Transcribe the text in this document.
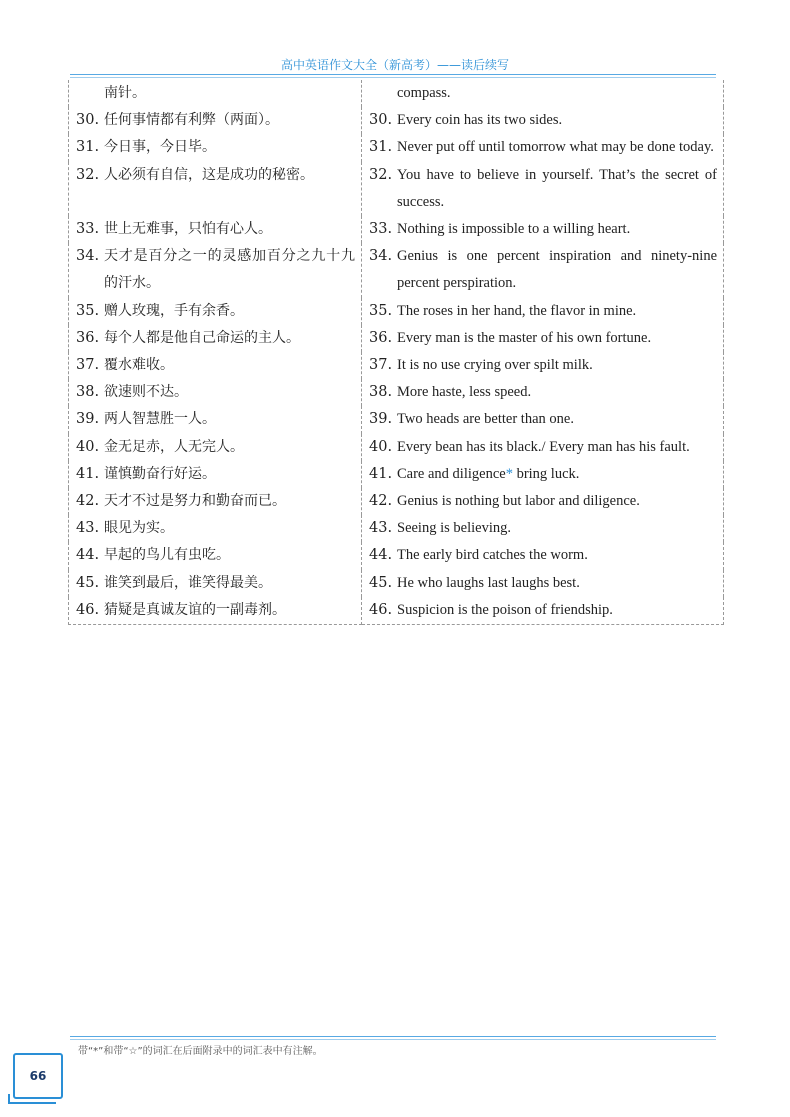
高中英语作文大全（新高考）——读后续写
南针。	compass.

30. 任何事情都有利弊（两面）。	30. Every coin has its two sides.

31. 今日事，今日毕。	31. Never put off until tomorrow what may be done today.

32. 人必须有自信，这是成功的秘密。	32. You have to believe in yourself. That’s the secret of success.

33. 世上无难事，只怕有心人。	33. Nothing is impossible to a willing heart.

34. 天才是百分之一的灵感加百分之九十九的汗水。	34. Genius is one percent inspiration and ninety-nine percent perspiration.

35. 赠人玫瑰，手有余香。	35. The roses in her hand, the flavor in mine.

36. 每个人都是他自己命运的主人。	36. Every man is the master of his own fortune.

37. 覆水难收。	37. It is no use crying over spilt milk.

38. 欲速则不达。	38. More haste, less speed.

39. 两人智慧胜一人。	39. Two heads are better than one.

40. 金无足赤，人无完人。	40. Every bean has its black./ Every man has his fault.

41. 谨慎勤奋行好运。	41. Care and diligence* bring luck.

42. 天才不过是努力和勤奋而已。	42. Genius is nothing but labor and diligence.

43. 眼见为实。	43. Seeing is believing.

44. 早起的鸟儿有虫吃。	44. The early bird catches the worm.

45. 谁笑到最后，谁笑得最美。	45. He who laughs last laughs best.

46. 猜疑是真诚友谊的一副毒剂。	46. Suspicion is the poison of friendship.
带“*”和带“☆”的词汇在后面附录中的词汇表中有注解。
66
